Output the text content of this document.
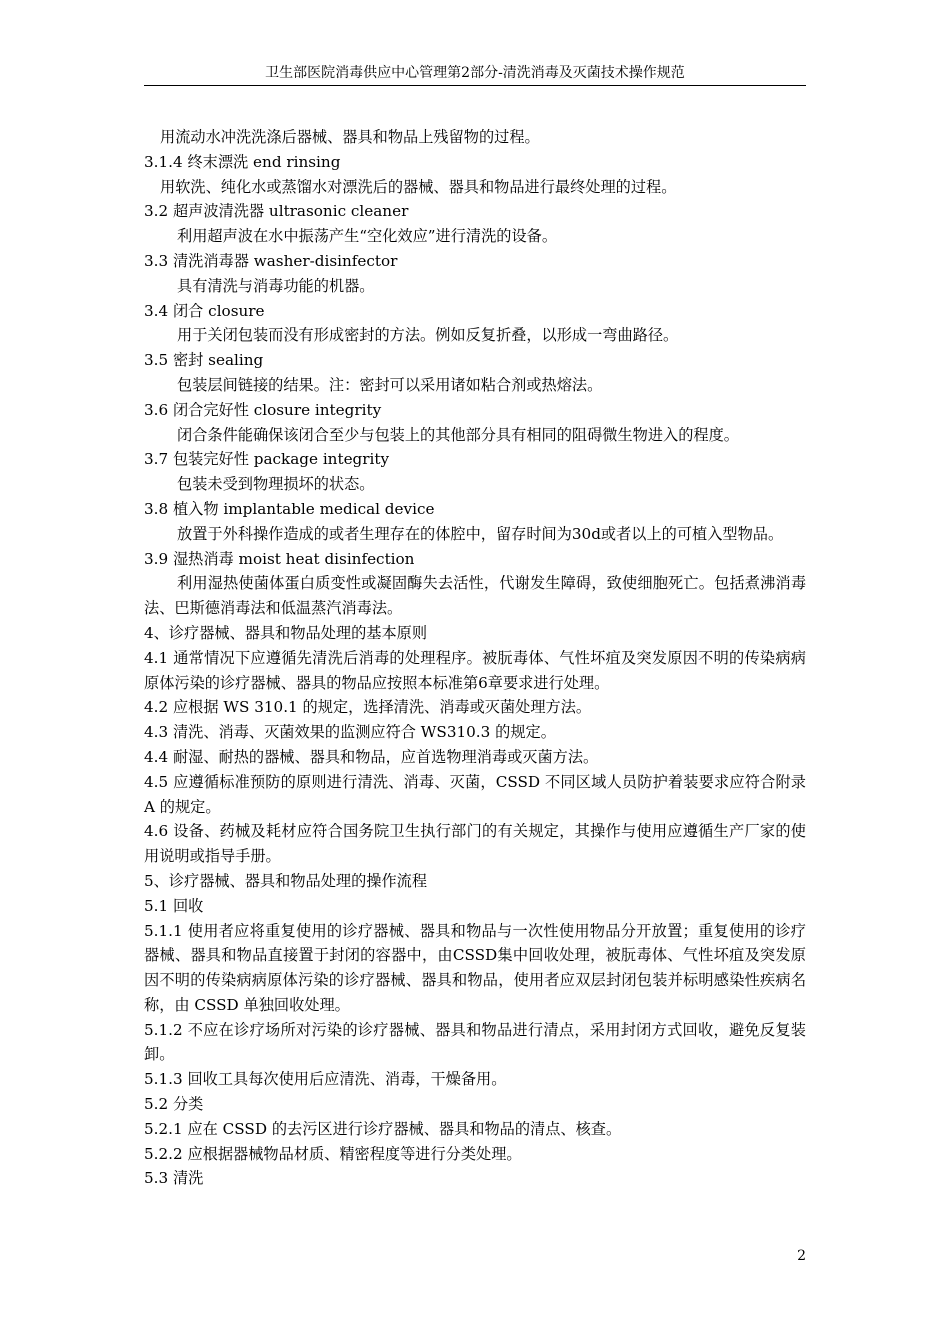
卫生部医院消毒供应中心管理第2部分-清洗消毒及灭菌技术操作规范

用流动水冲洗洗涤后器械、器具和物品上残留物的过程。

3.1.4 终末漂洗 end rinsing

用软洗、纯化水或蒸馏水对漂洗后的器械、器具和物品进行最终处理的过程。

3.2 超声波清洗器 ultrasonic cleaner

利用超声波在水中振荡产生“空化效应”进行清洗的设备。

3.3 清洗消毒器 washer-disinfector

具有清洗与消毒功能的机器。

3.4 闭合 closure

用于关闭包装而没有形成密封的方法。例如反复折叠，以形成一弯曲路径。

3.5 密封 sealing

包装层间链接的结果。注：密封可以采用诸如粘合剂或热熔法。

3.6 闭合完好性 closure integrity

闭合条件能确保该闭合至少与包装上的其他部分具有相同的阻碍微生物进入的程度。

3.7 包装完好性 package integrity

包装未受到物理损坏的状态。

3.8 植入物 implantable medical device

放置于外科操作造成的或者生理存在的体腔中，留存时间为30d或者以上的可植入型物品。

3.9 湿热消毒 moist heat disinfection

利用湿热使菌体蛋白质变性或凝固酶失去活性，代谢发生障碍，致使细胞死亡。包括煮沸消毒法、巴斯德消毒法和低温蒸汽消毒法。

4、诊疗器械、器具和物品处理的基本原则

4.1 通常情况下应遵循先清洗后消毒的处理程序。被朊毒体、气性坏疽及突发原因不明的传染病病原体污染的诊疗器械、器具的物品应按照本标准第6章要求进行处理。

4.2 应根据 WS 310.1 的规定，选择清洗、消毒或灭菌处理方法。

4.3 清洗、消毒、灭菌效果的监测应符合 WS310.3 的规定。

4.4 耐湿、耐热的器械、器具和物品，应首选物理消毒或灭菌方法。

4.5 应遵循标准预防的原则进行清洗、消毒、灭菌，CSSD 不同区域人员防护着装要求应符合附录 A 的规定。

4.6 设备、药械及耗材应符合国务院卫生执行部门的有关规定，其操作与使用应遵循生产厂家的使用说明或指导手册。

5、诊疗器械、器具和物品处理的操作流程

5.1 回收

5.1.1 使用者应将重复使用的诊疗器械、器具和物品与一次性使用物品分开放置；重复使用的诊疗器械、器具和物品直接置于封闭的容器中，由CSSD集中回收处理，被朊毒体、气性坏疽及突发原因不明的传染病病原体污染的诊疗器械、器具和物品，使用者应双层封闭包装并标明感染性疾病名称，由 CSSD 单独回收处理。

5.1.2 不应在诊疗场所对污染的诊疗器械、器具和物品进行清点，采用封闭方式回收，避免反复装卸。

5.1.3 回收工具每次使用后应清洗、消毒，干燥备用。

5.2 分类

5.2.1 应在 CSSD 的去污区进行诊疗器械、器具和物品的清点、核查。

5.2.2 应根据器械物品材质、精密程度等进行分类处理。

5.3 清洗

2
